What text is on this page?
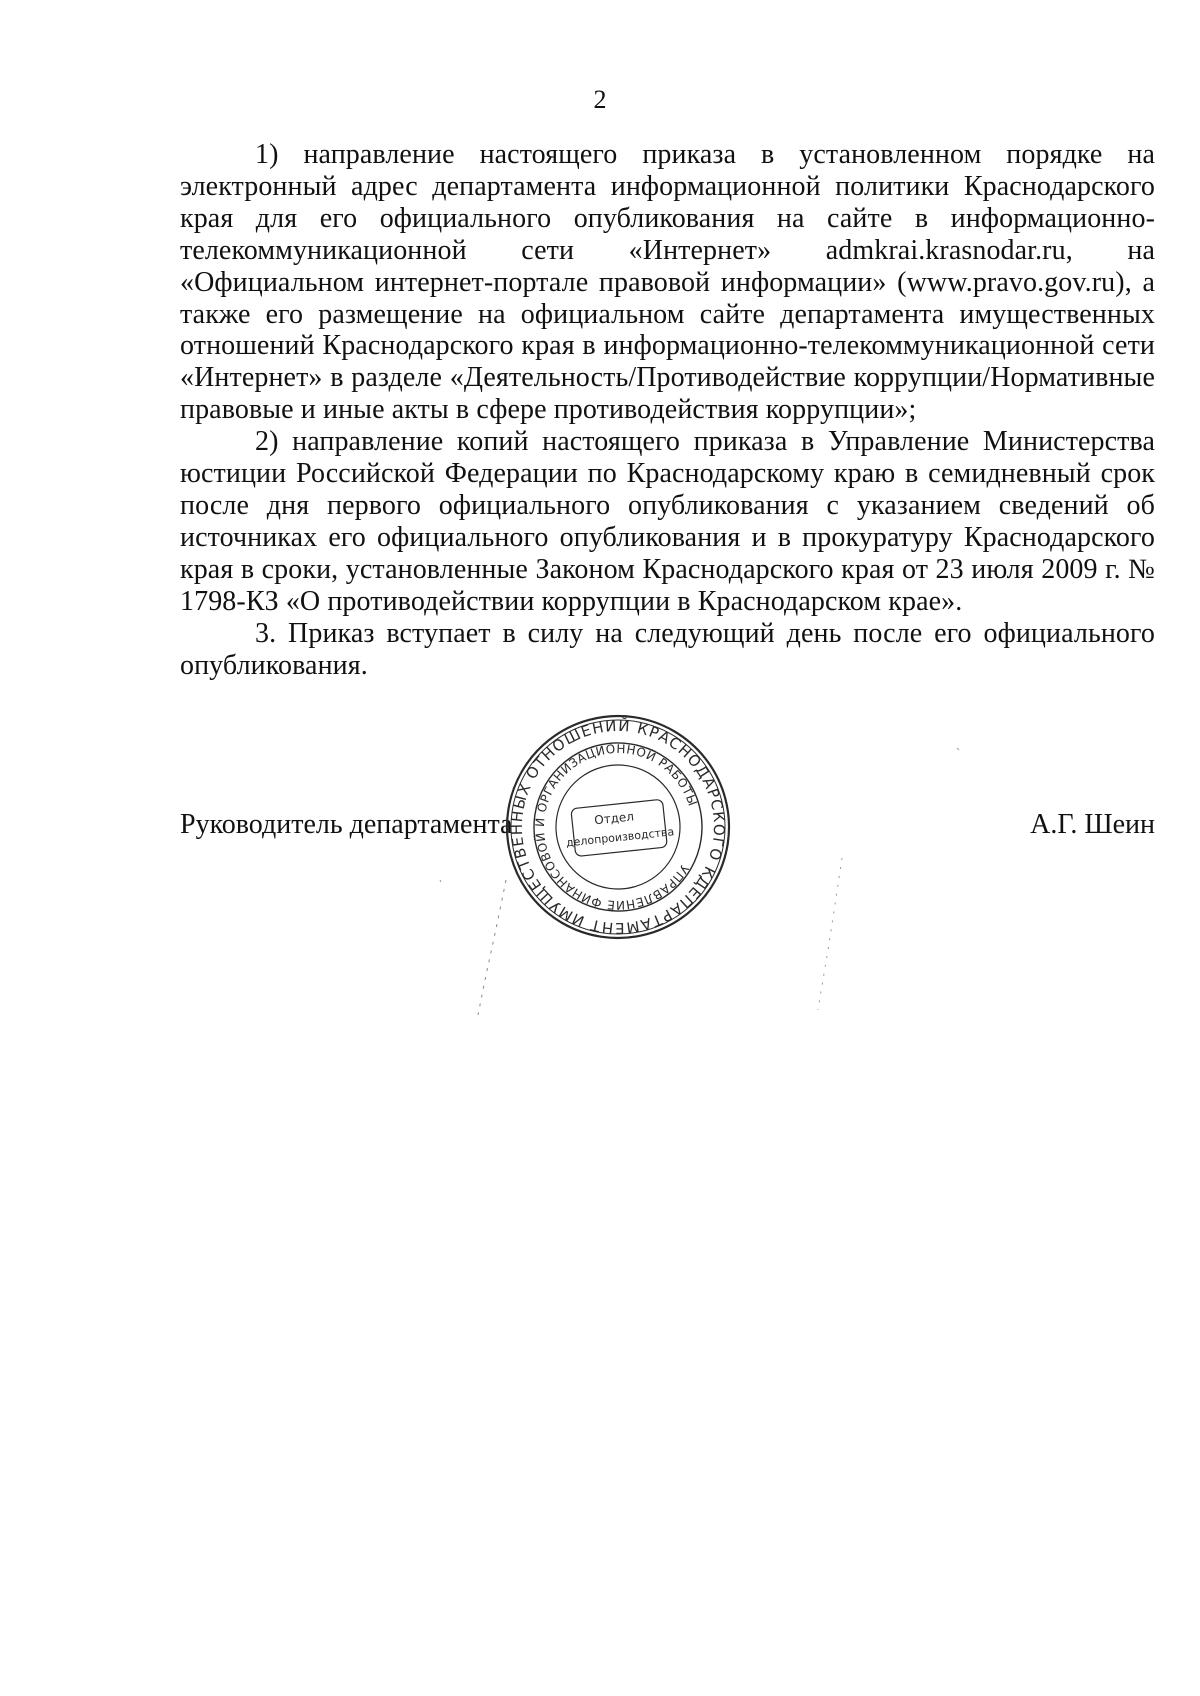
2

1) направление настоящего приказа в установленном порядке на электронный адрес департамента информационной политики Краснодарского края для его официального опубликования на сайте в информационно-телекоммуникационной сети «Интернет» admkrai.krasnodar.ru, на «Официальном интернет-портале правовой информации» (www.pravo.gov.ru), а также его размещение на официальном сайте департамента имущественных отношений Краснодарского края в информационно-телекоммуникационной сети «Интернет» в разделе «Деятельность/Противодействие коррупции/Нормативные правовые и иные акты в сфере противодействия коррупции»;

2) направление копий настоящего приказа в Управление Министерства юстиции Российской Федерации по Краснодарскому краю в семидневный срок после дня первого официального опубликования с указанием сведений об источниках его официального опубликования и в прокуратуру Краснодарского края в сроки, установленные Законом Краснодарского края от 23 июля 2009 г. № 1798-КЗ «О противодействии коррупции в Краснодарском крае».

3. Приказ вступает в силу на следующий день после его официального опубликования.

Руководитель департамента	А.Г. Шеин
ДЕПАРТАМЕНТ ИМУЩЕСТВЕННЫХ ОТНОШЕНИЙ КРАСНОДАРСКОГО КРАЯ
УПРАВЛЕНИЕ ФИНАНСОВОЙ И ОРГАНИЗАЦИОННОЙ РАБОТЫ
Отдел
делопроизводства
